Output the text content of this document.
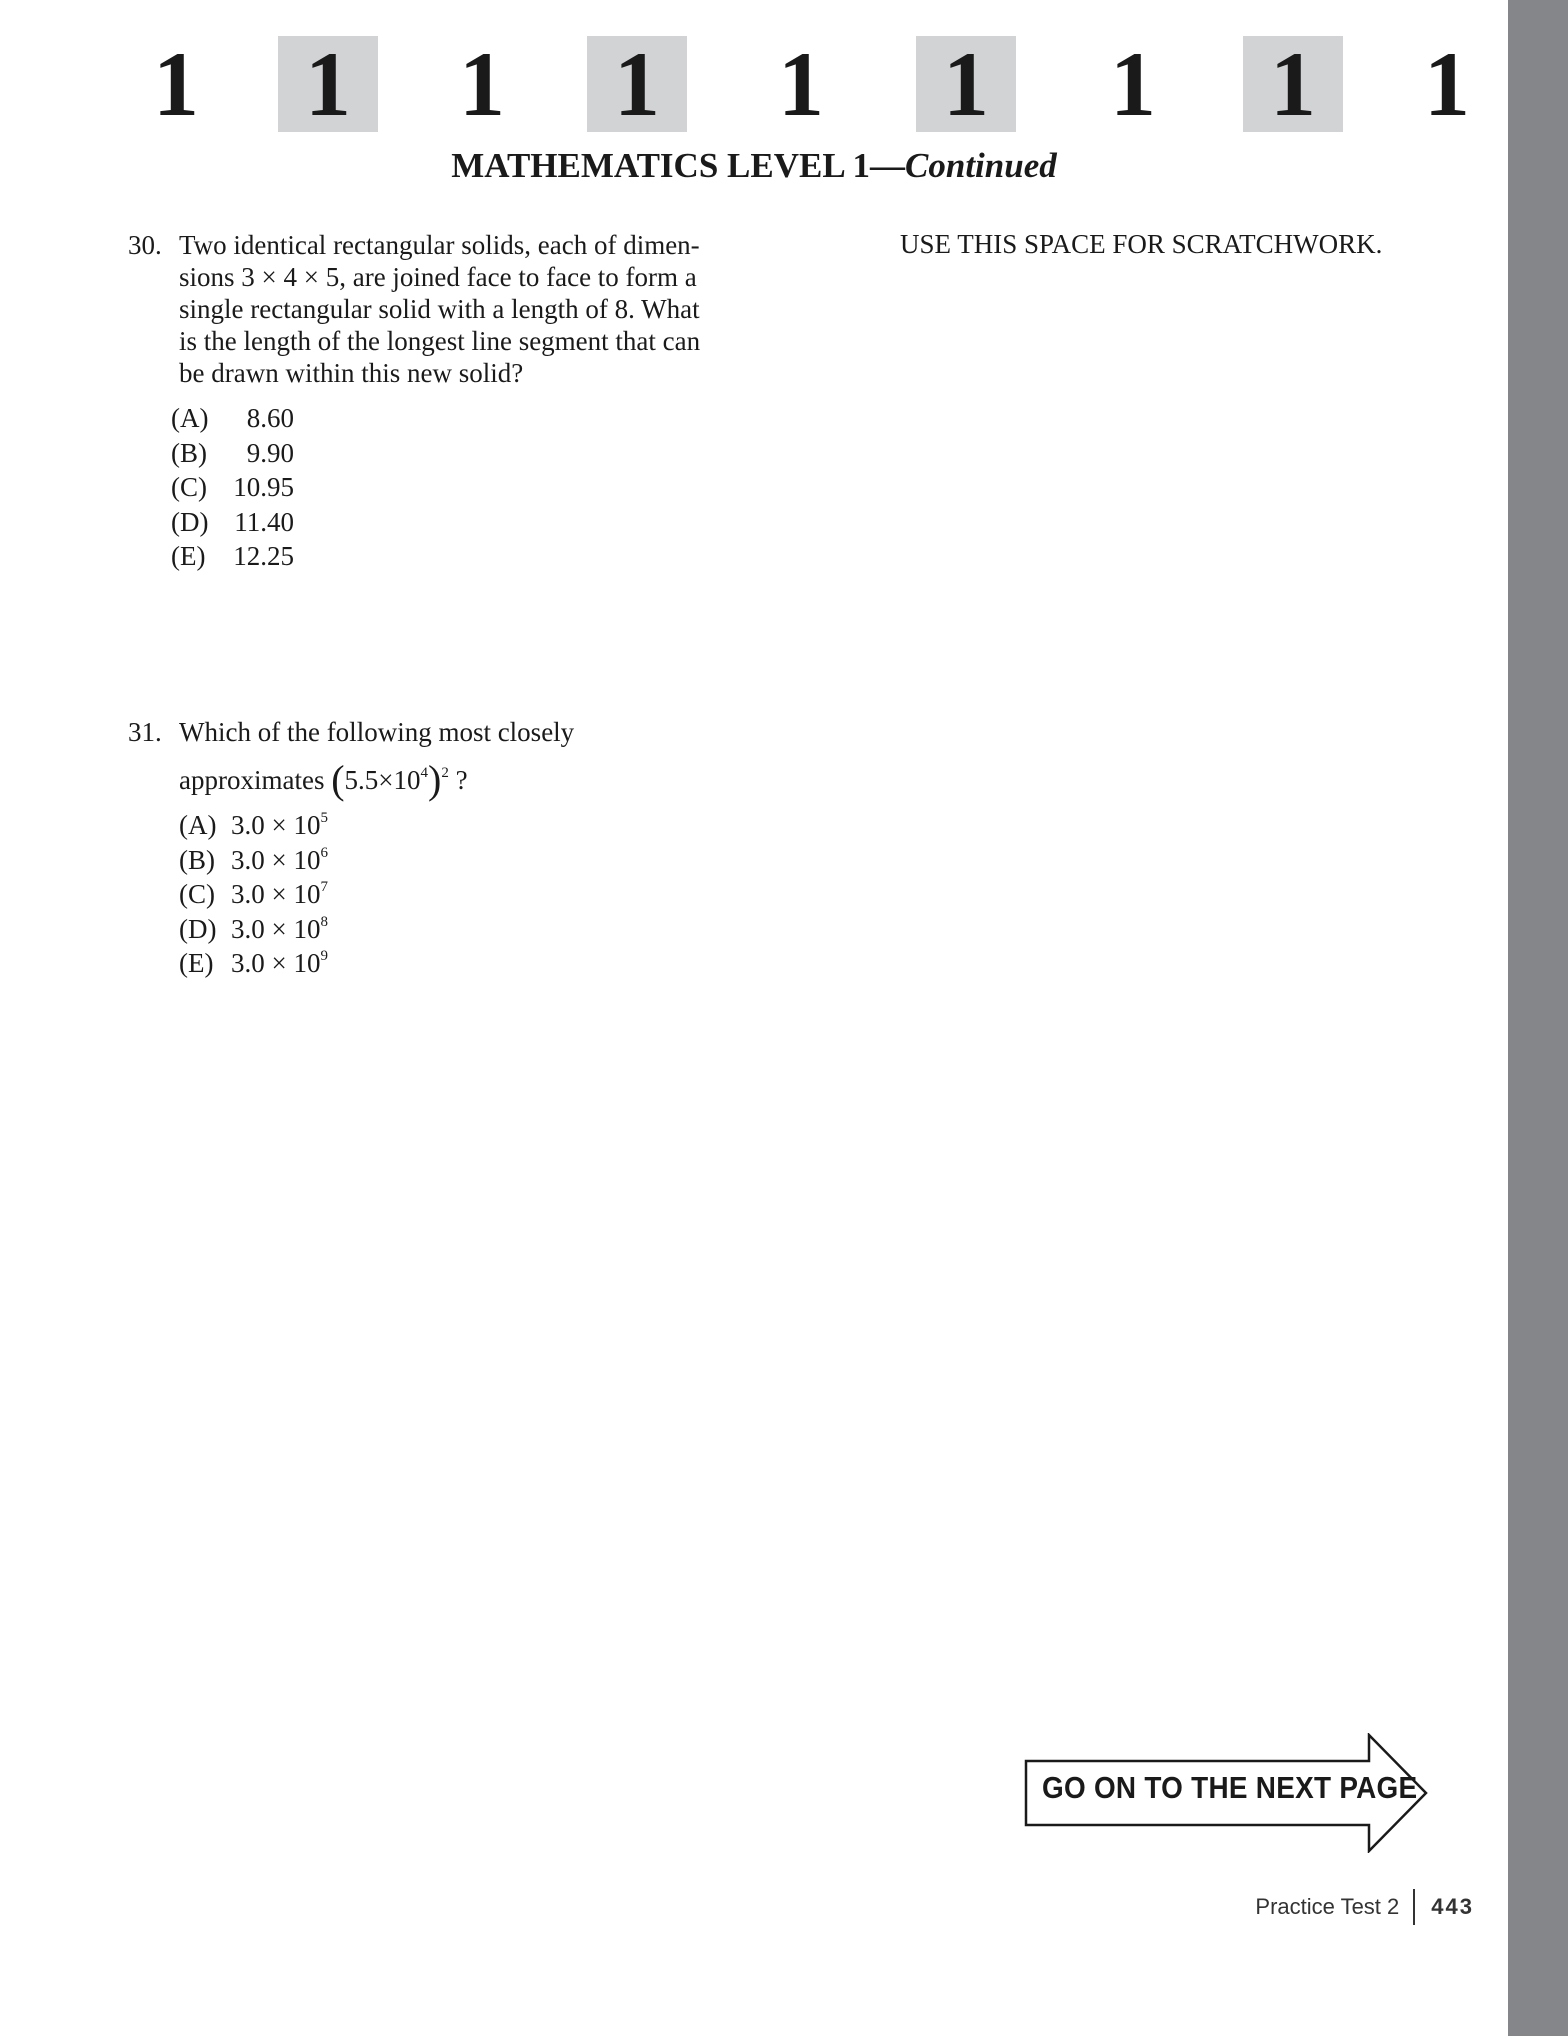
1 1 1 1 1 1 1 1 1
MATHEMATICS LEVEL 1—Continued
30. Two identical rectangular solids, each of dimen-
sions 3 × 4 × 5, are joined face to face to form a
single rectangular solid with a length of 8. What
is the length of the longest line segment that can
be drawn within this new solid?
(A) 8.60
(B) 9.90
(C) 10.95
(D) 11.40
(E) 12.25
31. Which of the following most closely
approximates $(5.5\times 10^4)^2$ ?
(A) $3.0 \times 10^5$
(B) $3.0 \times 10^6$
(C) $3.0 \times 10^7$
(D) $3.0 \times 10^8$
(E) $3.0 \times 10^9$
USE THIS SPACE FOR SCRATCHWORK.
GO ON TO THE NEXT PAGE
Practice Test 2	443
